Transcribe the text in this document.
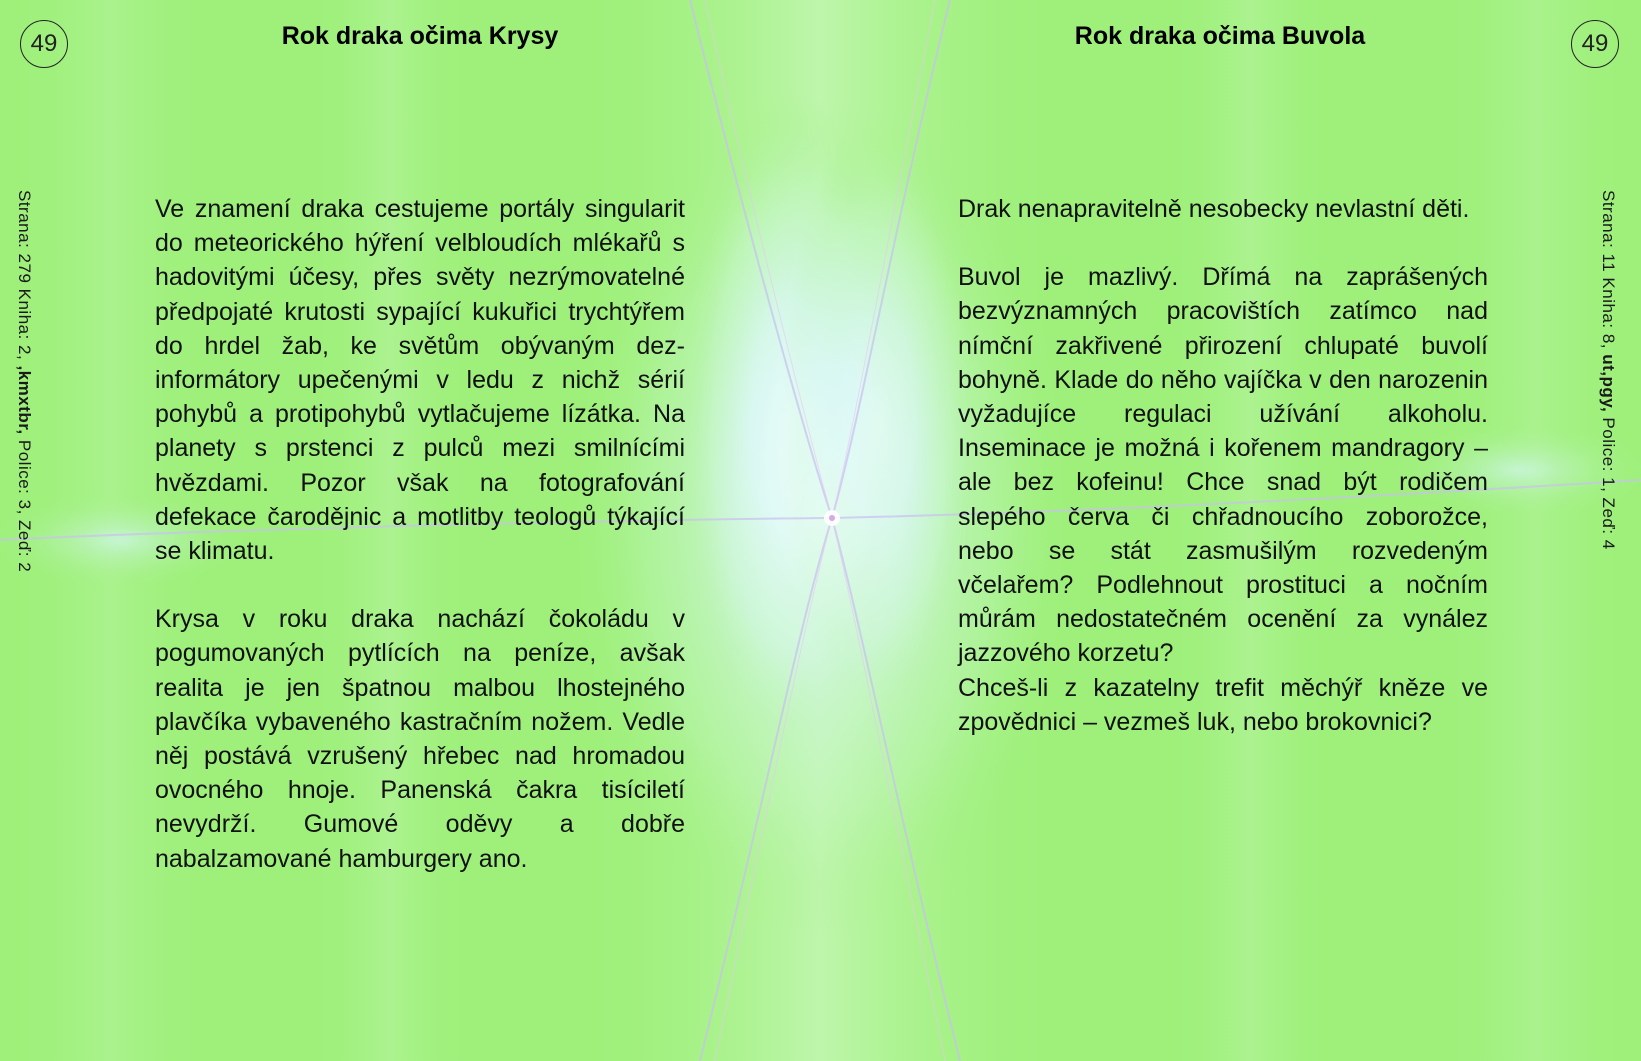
49	Rok draka očima Krysy
Strana: 279 Kniha: 2, ,kmxtbr, Police: 3, Zeď: 2

Ve znamení draka cestujeme portály singularit do meteorického hýření velbloudích mlékařů s hadovitými účesy, přes světy nezrýmovatelné předpojaté krutosti sypající kukuřici trychtýřem do hrdel žab, ke světům obývaným dezinformátory upečenými v ledu z nichž sérií pohybů a protipohybů vytlačujeme lízátka. Na planety s prstenci z pulců mezi smilnícími hvězdami. Pozor však na fotografování defekace čarodějnic a motlitby teologů týkající se klimatu.

Krysa v roku draka nachází čokoládu v pogumovaných pytlících na peníze, avšak realita je jen špatnou malbou lhostejného plavčíka vybaveného kastračním nožem. Vedle něj postává vzrušený hřebec nad hromadou ovocného hnoje. Panenská čakra tisíciletí nevydrží. Gumové oděvy a dobře nabalzamované hamburgery ano.

49
Rok draka očima Buvola
Strana: 11 Kniha: 8, ut,pgy, Police: 1, Zeď: 4

Drak nenapravitelně nesobecky nevlastní děti.

Buvol je mazlivý. Dřímá na zaprášených bezvýznamných pracovištích zatímco nad nímční zakřivené přirození chlupaté buvolí bohyně. Klade do něho vajíčka v den narozenin vyžadujíce regulaci užívání alkoholu. Inseminace je možná i kořenem mandragory – ale bez kofeinu! Chce snad být rodičem slepého červa či chřadnoucího zoborožce, nebo se stát zasmušilým rozvedeným včelařem? Podlehnout prostituci a nočním můrám nedostatečném ocenění za vynález jazzového korzetu?

Chceš-li z kazatelny trefit měchýř kněze ve zpovědnici – vezmeš luk, nebo brokovnici?
